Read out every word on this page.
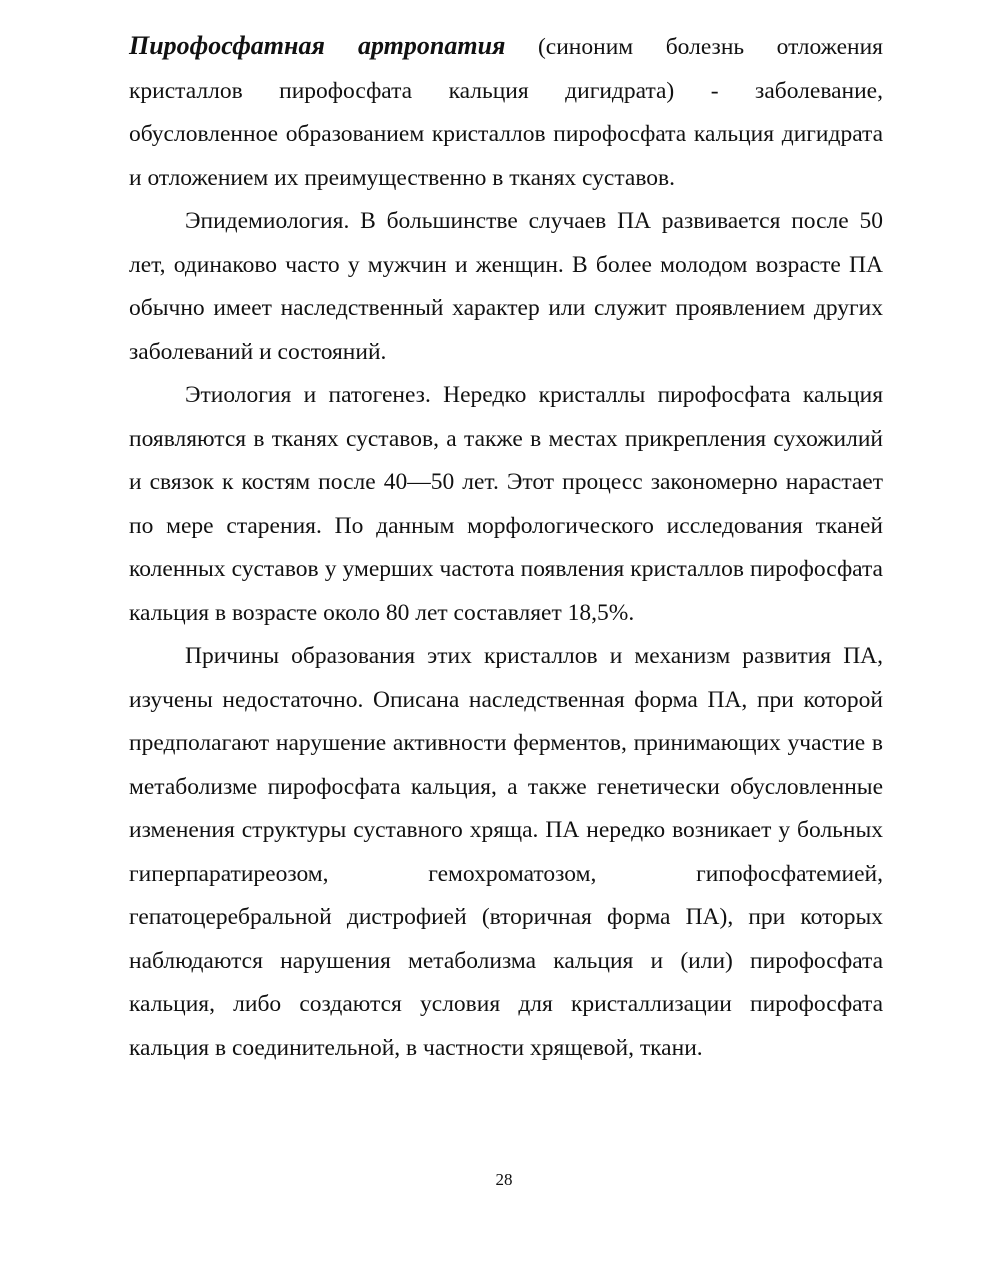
Пирофосфатная артропатия (синоним болезнь отложения кристаллов пирофосфата кальция дигидрата) - заболевание, обусловленное образованием кристаллов пирофосфата кальция дигидрата и отложением их преимущественно в тканях суставов.

Эпидемиология. В большинстве случаев ПА развивается после 50 лет, одинаково часто у мужчин и женщин. В более молодом возрасте ПА обычно имеет наследственный характер или служит проявлением других заболеваний и состояний.

Этиология и патогенез. Нередко кристаллы пирофосфата кальция появляются в тканях суставов, а также в местах прикрепления сухожилий и связок к костям после 40—50 лет. Этот процесс закономерно нарастает по мере старения. По данным морфологического исследования тканей коленных суставов у умерших частота появления кристаллов пирофосфата кальция в возрасте около 80 лет составляет 18,5%.

Причины образования этих кристаллов и механизм развития ПА, изучены недостаточно. Описана наследственная форма ПА, при которой предполагают нарушение активности ферментов, принимающих участие в метаболизме пирофосфата кальция, а также генетически обусловленные изменения структуры суставного хряща. ПА нередко возникает у больных гиперпаратиреозом,	гемохроматозом, гипофосфатемией, гепатоцеребральной дистрофией (вторичная форма ПА), при которых наблюдаются нарушения метаболизма кальция и (или) пирофосфата кальция, либо создаются условия для кристаллизации пирофосфата кальция в соединительной, в частности хрящевой, ткани.

28
